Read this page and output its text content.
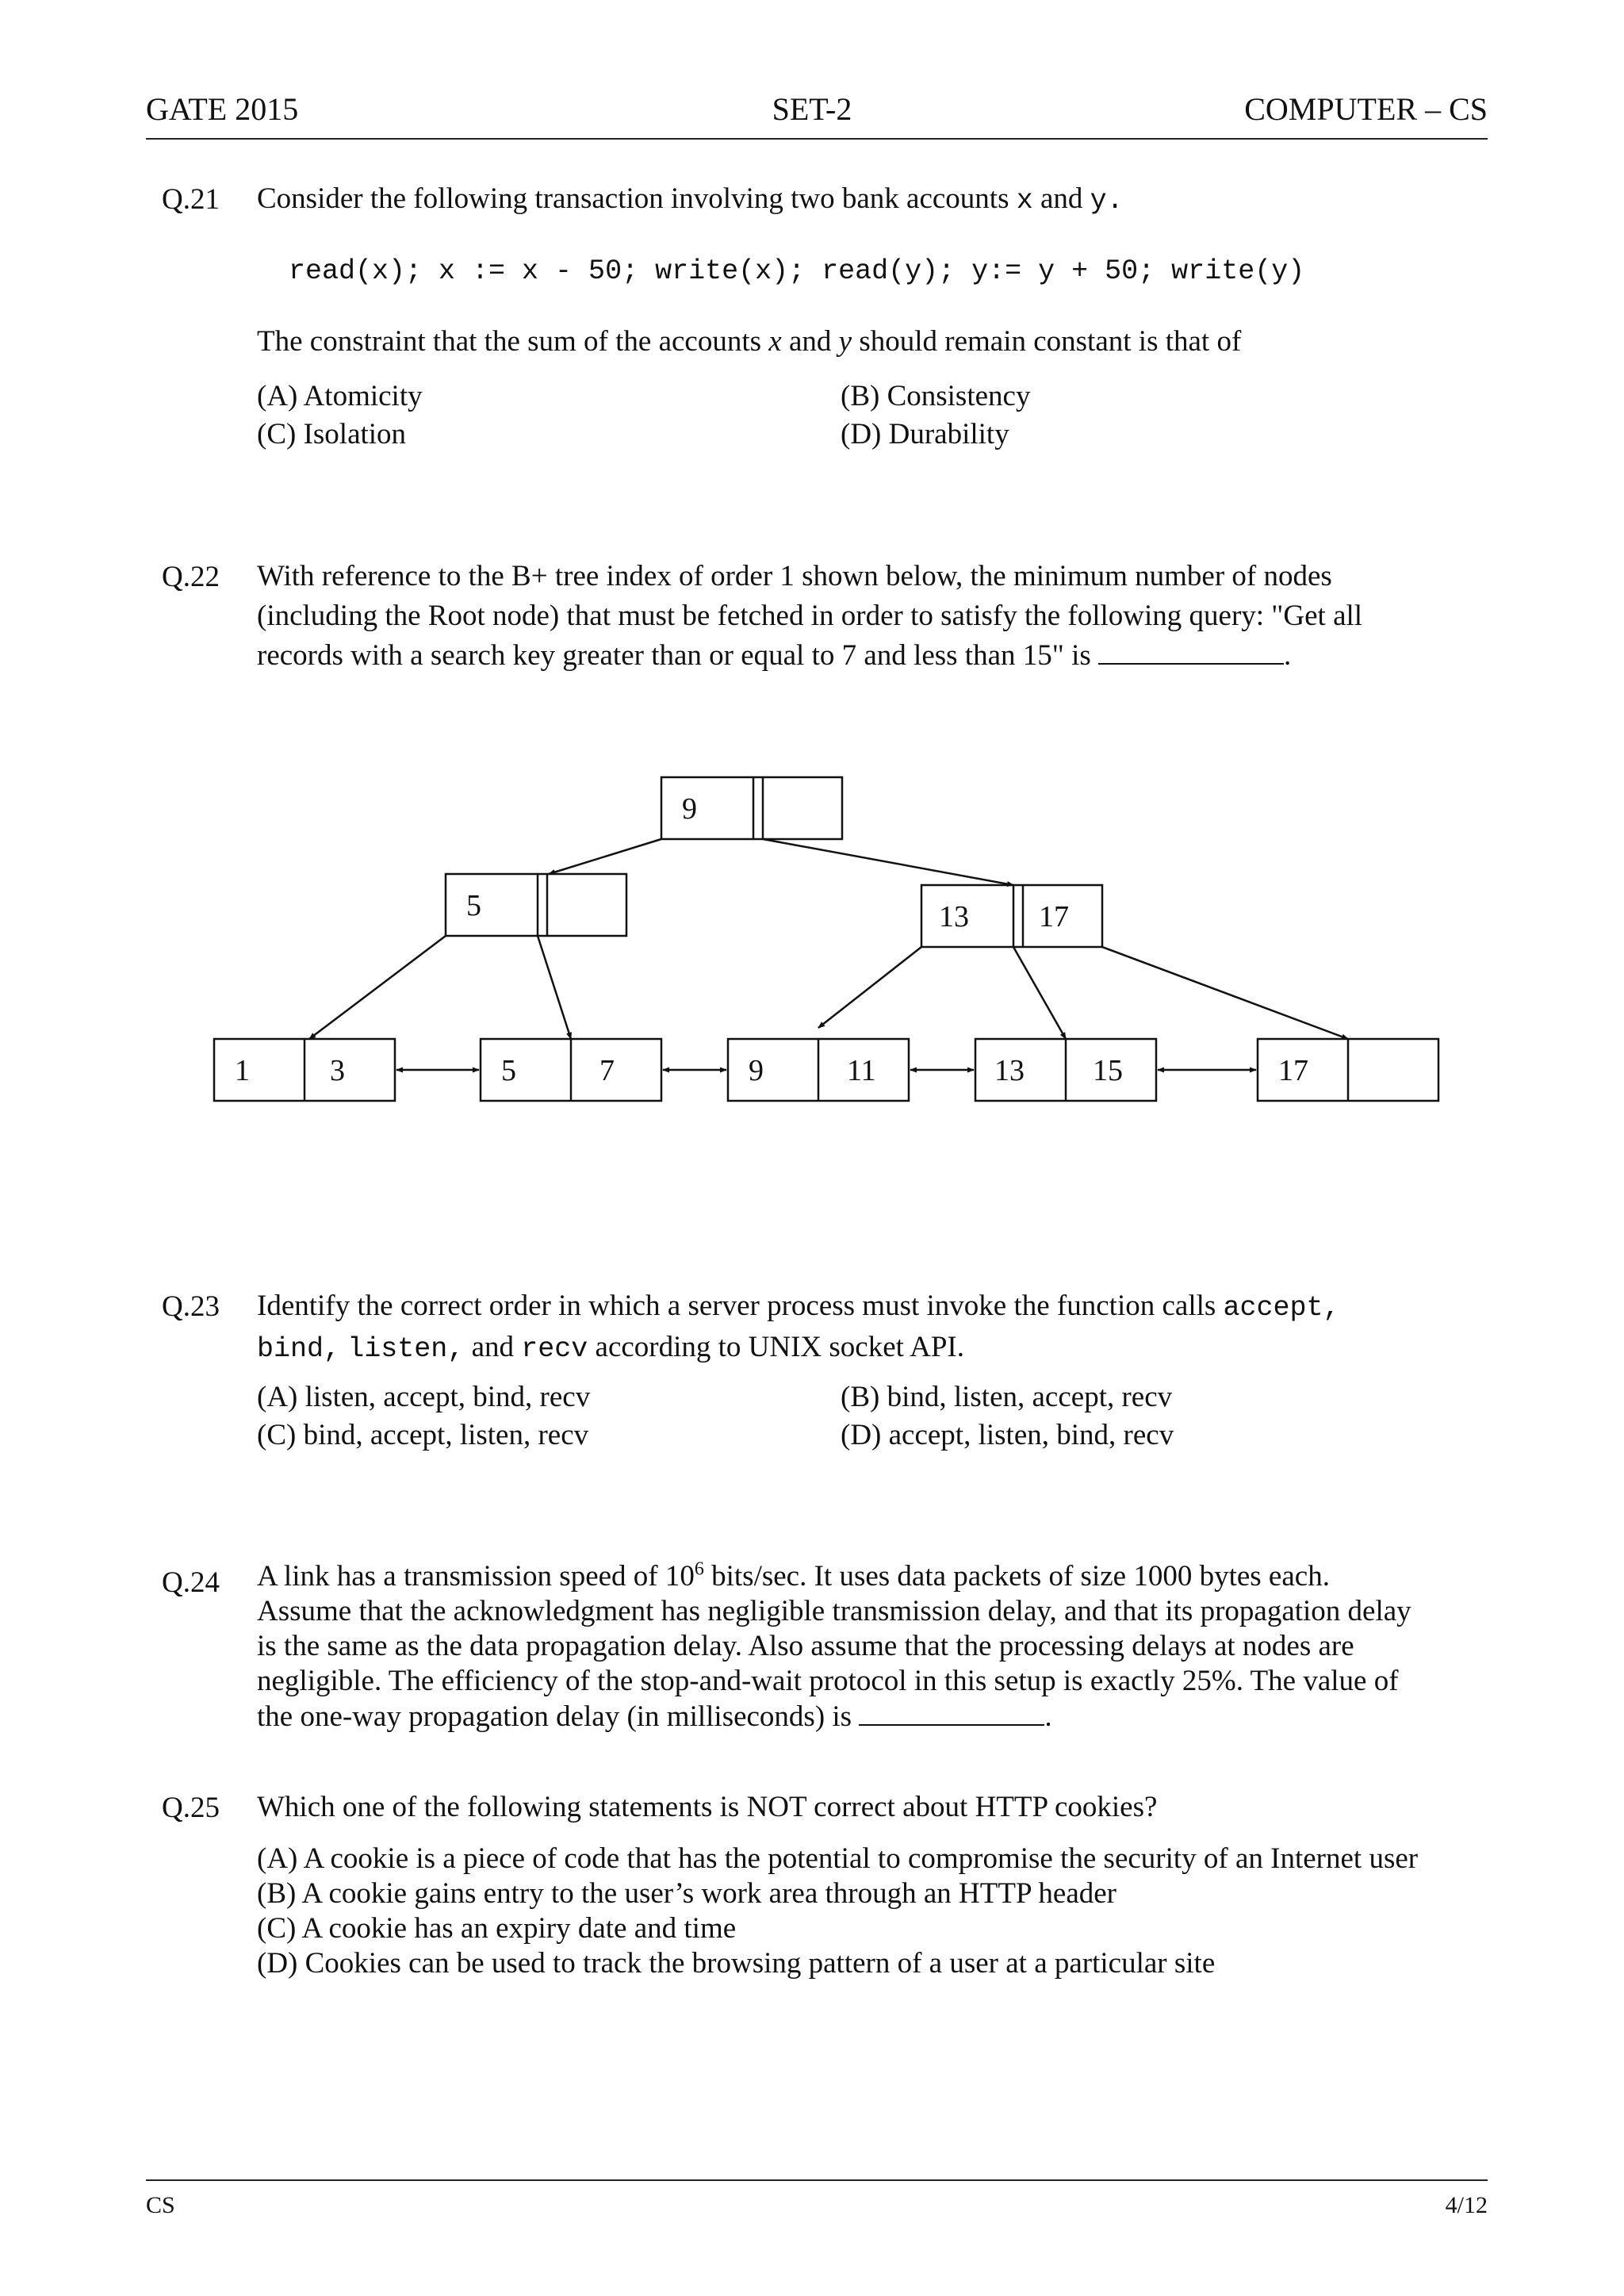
GATE 2015	SET-2	COMPUTER – CS
Q.21 Consider the following transaction involving two bank accounts x and y.
read(x); x := x - 50; write(x); read(y); y:= y + 50; write(y)
The constraint that the sum of the accounts x and y should remain constant is that of
(A) Atomicity	(B) Consistency
(C) Isolation	(D) Durability
Q.22 With reference to the B+ tree index of order 1 shown below, the minimum number of nodes
(including the Root node) that must be fetched in order to satisfy the following query: "Get all
records with a search key greater than or equal to 7 and less than 15" is	.
9
5	13 17
1	3	5	7	9	11	13 15	17
Q.23 Identify the correct order in which a server process must invoke the function calls accept,
bind, listen, and recv according to UNIX socket API.
(A) listen, accept, bind, recv	(B) bind, listen, accept, recv
(C) bind, accept, listen, recv	(D) accept, listen, bind, recv
Q.24 A link has a transmission speed of $10^6$ bits/sec. It uses data packets of size 1000 bytes each.
Assume that the acknowledgment has negligible transmission delay, and that its propagation delay
is the same as the data propagation delay. Also assume that the processing delays at nodes are
negligible. The efficiency of the stop-and-wait protocol in this setup is exactly 25%. The value of
the one-way propagation delay (in milliseconds) is	.
Q.25 Which one of the following statements is NOT correct about HTTP cookies?
(A) A cookie is a piece of code that has the potential to compromise the security of an Internet user
(B) A cookie gains entry to the user’s work area through an HTTP header
(C) A cookie has an expiry date and time
(D) Cookies can be used to track the browsing pattern of a user at a particular site
CS	4/12
